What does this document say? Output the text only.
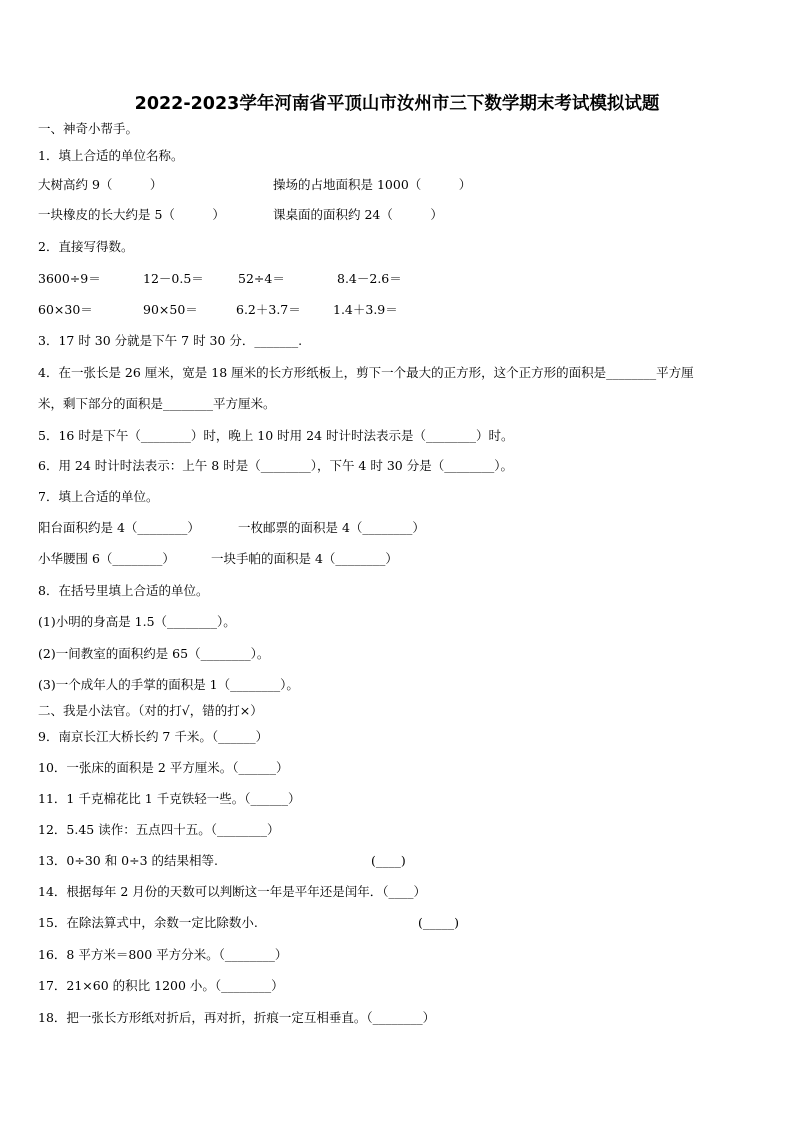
2022-2023学年河南省平顶山市汝州市三下数学期末考试模拟试题
一、神奇小帮手。
1．填上合适的单位名称。
大树高约 9（　　　）	操场的占地面积是 1000（　　　）
一块橡皮的长大约是 5（　　　）	课桌面的面积约 24（　　　）
2．直接写得数。
3600÷9＝	12－0.5＝	52÷4＝	8.4－2.6＝
60×30＝	90×50＝	6.2＋3.7＝	1.4＋3.9＝
3．17 时 30 分就是下午 7 时 30 分．_______.
4．在一张长是 26 厘米，宽是 18 厘米的长方形纸板上，剪下一个最大的正方形，这个正方形的面积是________平方厘
米，剩下部分的面积是________平方厘米。
5．16 时是下午（________）时，晚上 10 时用 24 时计时法表示是（________）时。
6．用 24 时计时法表示：上午 8 时是（________），下午 4 时 30 分是（________）。
7．填上合适的单位。
阳台面积约是 4（________）	一枚邮票的面积是 4（________）
小华腰围 6（________）	一块手帕的面积是 4（________）
8．在括号里填上合适的单位。
(1)小明的身高是 1.5（________）。
(2)一间教室的面积约是 65（________）。
(3)一个成年人的手掌的面积是 1（________）。
二、我是小法官。（对的打√，错的打×）
9．南京长江大桥长约 7 千米。（______）
10．一张床的面积是 2 平方厘米。（______）
11．1 千克棉花比 1 千克铁轻一些。（______）
12．5.45 读作：五点四十五。（________）
13．0÷30 和 0÷3 的结果相等.	(____)
14．根据每年 2 月份的天数可以判断这一年是平年还是闰年．（____）
15．在除法算式中，余数一定比除数小.	(_____)
16．8 平方米＝800 平方分米。（________）
17．21×60 的积比 1200 小。（________）
18．把一张长方形纸对折后，再对折，折痕一定互相垂直。（________）
